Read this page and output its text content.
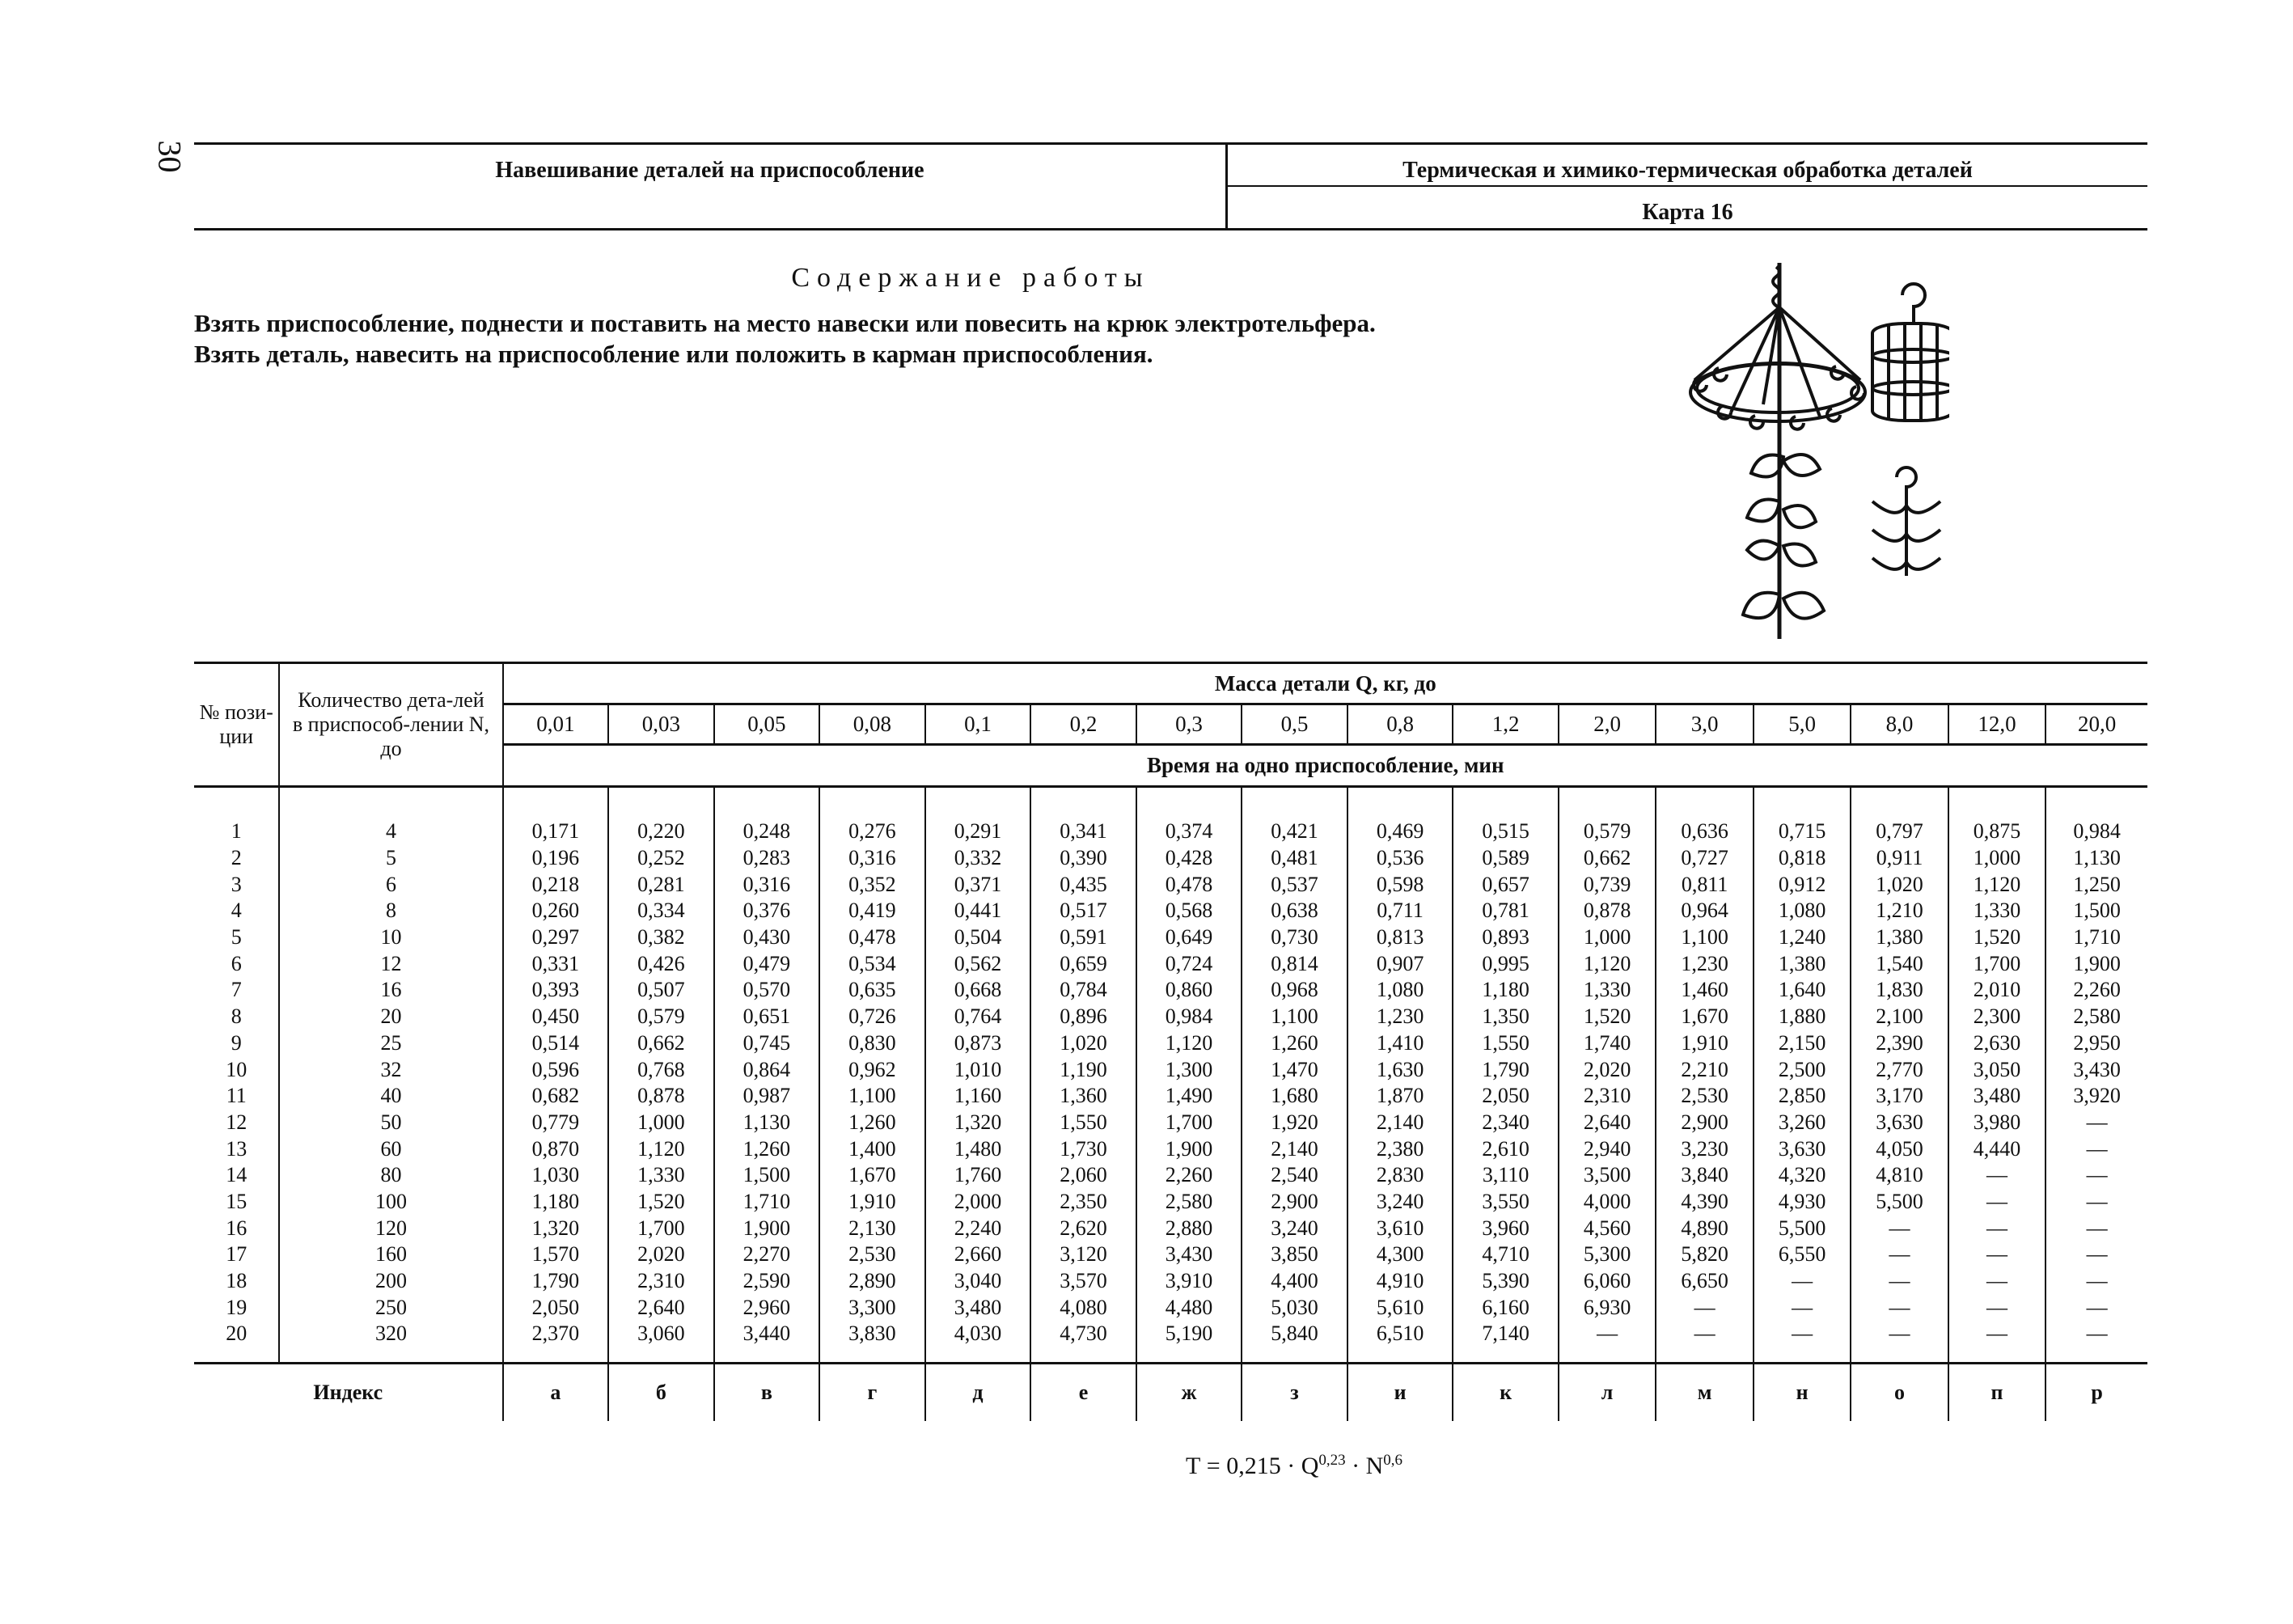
30	Навешивание деталей на приспособление	Термическая и химико-термическая обработка деталей
Карта 16
Содержание работы
Взять приспособление, поднести и поставить на место навески или повесить на крюк электротельфера.
Взять деталь, навесить на приспособление или положить в карман приспособления.
№ пози-ции	Количество дета-лей в приспособ-лении N, до	Масса детали Q, кг, до															
		0,01	0,03	0,05	0,08	0,1	0,2	0,3	0,5	0,8	1,2	2,0	3,0	5,0	8,0	12,0	20,0
		Время на одно приспособление, мин															
1	4	0,171	0,220	0,248	0,276	0,291	0,341	0,374	0,421	0,469	0,515	0,579	0,636	0,715	0,797	0,875	0,984
2	5	0,196	0,252	0,283	0,316	0,332	0,390	0,428	0,481	0,536	0,589	0,662	0,727	0,818	0,911	1,000	1,130
3	6	0,218	0,281	0,316	0,352	0,371	0,435	0,478	0,537	0,598	0,657	0,739	0,811	0,912	1,020	1,120	1,250
4	8	0,260	0,334	0,376	0,419	0,441	0,517	0,568	0,638	0,711	0,781	0,878	0,964	1,080	1,210	1,330	1,500
5	10	0,297	0,382	0,430	0,478	0,504	0,591	0,649	0,730	0,813	0,893	1,000	1,100	1,240	1,380	1,520	1,710
6	12	0,331	0,426	0,479	0,534	0,562	0,659	0,724	0,814	0,907	0,995	1,120	1,230	1,380	1,540	1,700	1,900
7	16	0,393	0,507	0,570	0,635	0,668	0,784	0,860	0,968	1,080	1,180	1,330	1,460	1,640	1,830	2,010	2,260
8	20	0,450	0,579	0,651	0,726	0,764	0,896	0,984	1,100	1,230	1,350	1,520	1,670	1,880	2,100	2,300	2,580
9	25	0,514	0,662	0,745	0,830	0,873	1,020	1,120	1,260	1,410	1,550	1,740	1,910	2,150	2,390	2,630	2,950
10	32	0,596	0,768	0,864	0,962	1,010	1,190	1,300	1,470	1,630	1,790	2,020	2,210	2,500	2,770	3,050	3,430
11	40	0,682	0,878	0,987	1,100	1,160	1,360	1,490	1,680	1,870	2,050	2,310	2,530	2,850	3,170	3,480	3,920
12	50	0,779	1,000	1,130	1,260	1,320	1,550	1,700	1,920	2,140	2,340	2,640	2,900	3,260	3,630	3,980	—
13	60	0,870	1,120	1,260	1,400	1,480	1,730	1,900	2,140	2,380	2,610	2,940	3,230	3,630	4,050	4,440	—
14	80	1,030	1,330	1,500	1,670	1,760	2,060	2,260	2,540	2,830	3,110	3,500	3,840	4,320	4,810	—	—
15	100	1,180	1,520	1,710	1,910	2,000	2,350	2,580	2,900	3,240	3,550	4,000	4,390	4,930	5,500	—	—
16	120	1,320	1,700	1,900	2,130	2,240	2,620	2,880	3,240	3,610	3,960	4,560	4,890	5,500	—	—	—
17	160	1,570	2,020	2,270	2,530	2,660	3,120	3,430	3,850	4,300	4,710	5,300	5,820	6,550	—	—	—
18	200	1,790	2,310	2,590	2,890	3,040	3,570	3,910	4,400	4,910	5,390	6,060	6,650	—	—	—	—
19	250	2,050	2,640	2,960	3,300	3,480	4,080	4,480	5,030	5,610	6,160	6,930	—	—	—	—	—
20	320	2,370	3,060	3,440	3,830	4,030	4,730	5,190	5,840	6,510	7,140	—	—	—	—	—	—
Индекс		а	б	в	г	д	е	ж	з	и	к	л	м	н	о	п	р
Т = 0,215 · Q$^{0,23}$ · N$^{0,6}$
